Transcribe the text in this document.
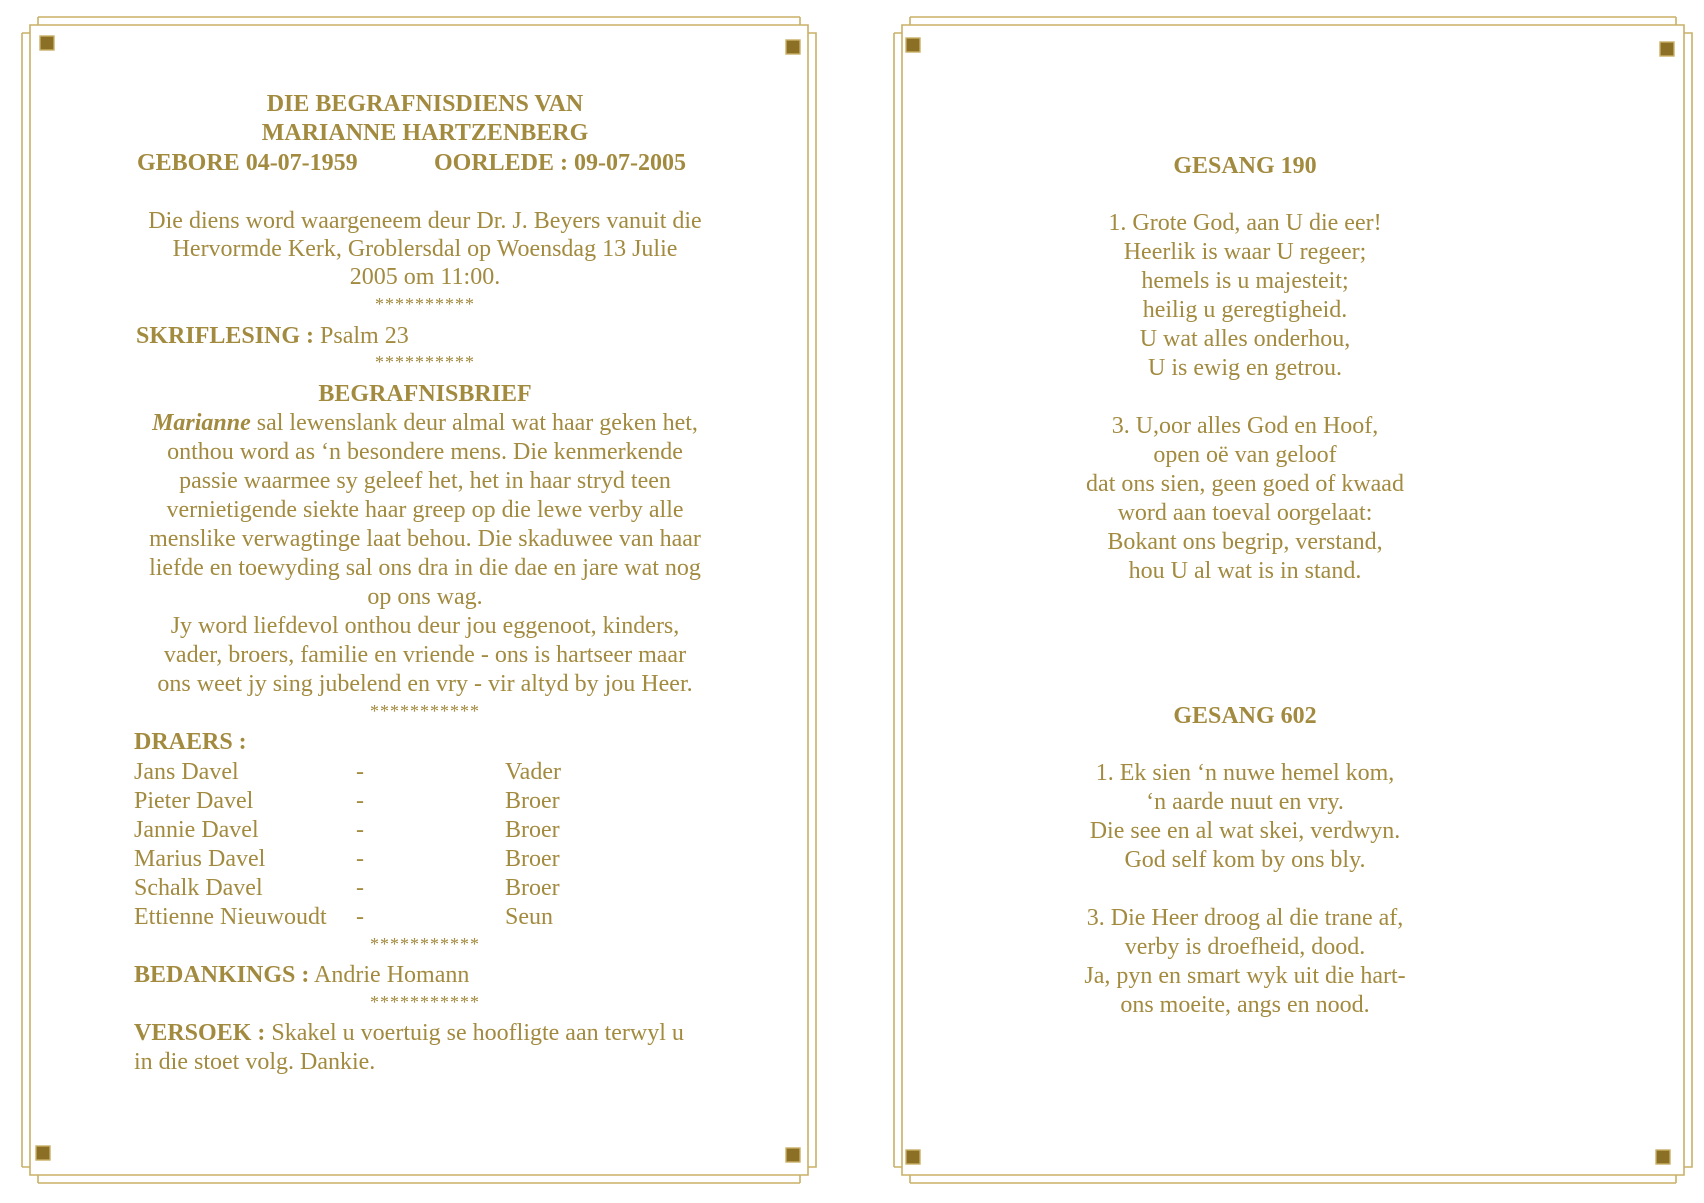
DIE BEGRAFNISDIENS VAN
MARIANNE HARTZENBERG
GEBORE 04-07-1959	OORLEDE : 09-07-2005
Die diens word waargeneem deur Dr. J. Beyers vanuit die
Hervormde Kerk, Groblersdal op Woensdag 13 Julie
2005 om 11:00.
**********
SKRIFLESING : Psalm 23
**********
BEGRAFNISBRIEF
Marianne sal lewenslank deur almal wat haar geken het,
onthou word as ‘n besondere mens. Die kenmerkende
passie waarmee sy geleef het, het in haar stryd teen
vernietigende siekte haar greep op die lewe verby alle
menslike verwagtinge laat behou. Die skaduwee van haar
liefde en toewyding sal ons dra in die dae en jare wat nog
op ons wag.
Jy word liefdevol onthou deur jou eggenoot, kinders,
vader, broers, familie en vriende - ons is hartseer maar
ons weet jy sing jubelend en vry - vir altyd by jou Heer.
***********
DRAERS :
Jans Davel	-	Vader
Pieter Davel	-	Broer
Jannie Davel	-	Broer
Marius Davel	-	Broer
Schalk Davel	-	Broer
Ettienne Nieuwoudt -	Seun
***********
BEDANKINGS : Andrie Homann
***********
VERSOEK : Skakel u voertuig se hoofligte aan terwyl u
in die stoet volg. Dankie.
GESANG 190
1. Grote God, aan U die eer!
Heerlik is waar U regeer;
hemels is u majesteit;
heilig u geregtigheid.
U wat alles onderhou,
U is ewig en getrou.
3. U,oor alles God en Hoof,
open oë van geloof
dat ons sien, geen goed of kwaad
word aan toeval oorgelaat:
Bokant ons begrip, verstand,
hou U al wat is in stand.
GESANG 602
1. Ek sien ‘n nuwe hemel kom,
‘n aarde nuut en vry.
Die see en al wat skei, verdwyn.
God self kom by ons bly.
3. Die Heer droog al die trane af,
verby is droefheid, dood.
Ja, pyn en smart wyk uit die hart-
ons moeite, angs en nood.
